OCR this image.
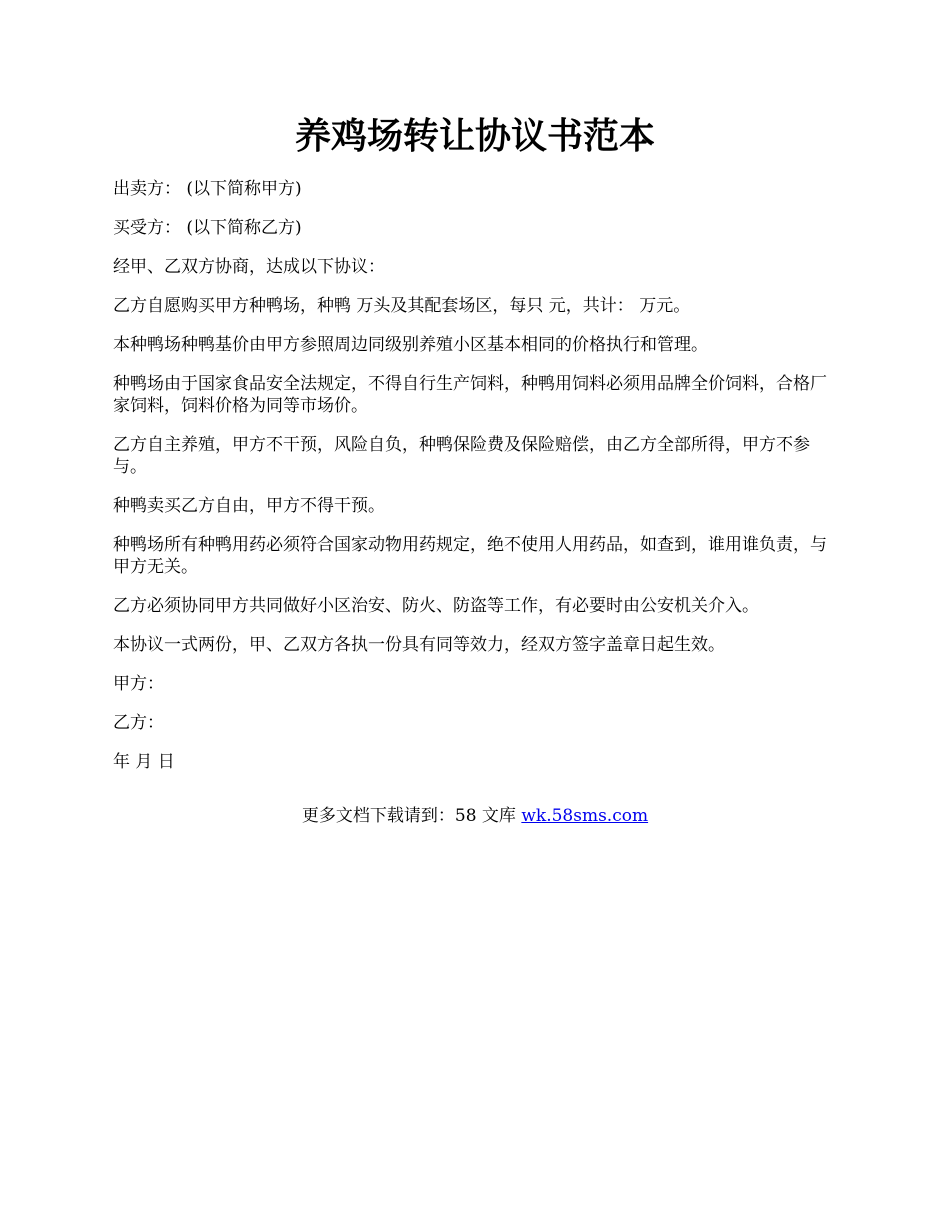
养鸡场转让协议书范本

出卖方： (以下简称甲方)

买受方： (以下简称乙方)

经甲、乙双方协商，达成以下协议：

乙方自愿购买甲方种鸭场，种鸭 万头及其配套场区，每只 元，共计： 万元。

本种鸭场种鸭基价由甲方参照周边同级别养殖小区基本相同的价格执行和管理。

种鸭场由于国家食品安全法规定，不得自行生产饲料，种鸭用饲料必须用品牌全价饲料，合格厂家饲料，饲料价格为同等市场价。

乙方自主养殖，甲方不干预，风险自负，种鸭保险费及保险赔偿，由乙方全部所得，甲方不参与。

种鸭卖买乙方自由，甲方不得干预。

种鸭场所有种鸭用药必须符合国家动物用药规定，绝不使用人用药品，如查到，谁用谁负责，与甲方无关。

乙方必须协同甲方共同做好小区治安、防火、防盗等工作，有必要时由公安机关介入。

本协议一式两份，甲、乙双方各执一份具有同等效力，经双方签字盖章日起生效。

甲方：

乙方：

年 月 日

更多文档下载请到：58 文库 wk.58sms.com
